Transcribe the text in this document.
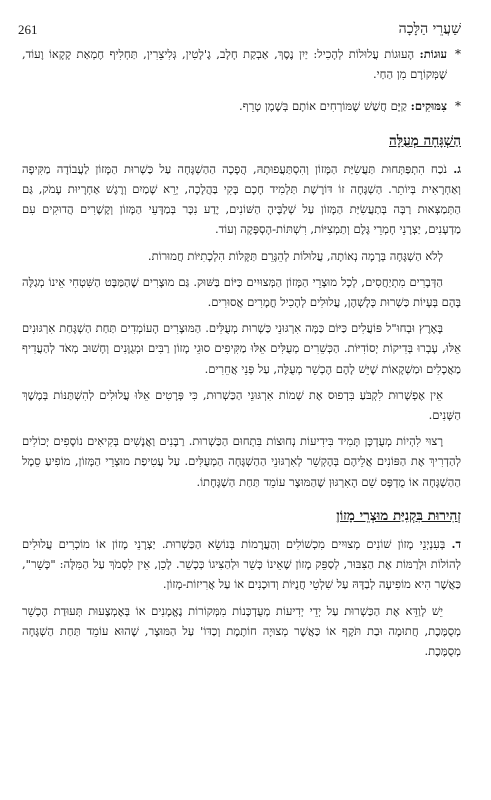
261	שַׁעֲרֵי הַלָּכָה
* עוּגוֹת: הָעוּגוֹת עֲלוּלוֹת לְהָכִיל: יַיִן נֶסֶךְ, אַבְקַת חָלָב, גֶ'לָטִין, גְּלִיצֵרִין, תַּחְלִיף חֶמְאַת קָקָאוֹ וָעוֹד, שֶׁמְּקוֹרָם מִן הַחַי.
* צִמּוּקִים: קַיָּם חֲשַׁשׁ שֶׁמּוֹרְחִים אוֹתָם בְּשֶׁמֶן טָרֵף.
הַשְׁגָּחָה מְעֻלָּה

ג. נֹכַח הִתְפַּתְּחוּת תַּעֲשִׂיַּת הַמָּזוֹן וְהִסְתַּעֲפוּתָהּ, הֲפָכָה הַהַשְׁגָּחָה עַל כַּשְׁרוּת הַמָּזוֹן לַעֲבוֹדָה מַקִּיפָה וְאַחְרָאִית בְּיוֹתֵר. הַשְׁגָּחָה זוֹ דּוֹרֶשֶׁת תַּלְמִיד חָכָם בָּקִי בַּהֲלָכָה, יְרֵא שָׁמַיִם וְרֶגֶשׁ אַחְרָיוּת עָמֹק, גַּם הַתְּמַצְּאוּת רַבָּה בְּתַעֲשִׂיַּת הַמָּזוֹן עַל שְׁלַבֶּיהָ הַשּׁוֹנִים, יֶדַע נִכָּר בְּמַדָּעֵי הַמָּזוֹן וְקֶשֶׁרִים הֲדוּקִים עִם מַדְעָנִים, יַצְרָנֵי חָמְרֵי גֶּלֶם וְתַמְצִיּוֹת, רִשְׁתּוֹת-הָסְפָּקָה וְעוֹד.

לְלֹא הַשְׁגָּחָה בְּרָמָה נְאוֹתָה, עֲלוּלוֹת לְהֵגָּרֵם תַּקָּלוֹת הִלְכָתִיּוֹת חֲמוּרוֹת.

הַדְּבָרִים מִתְיַחֲסִים, לְכָל מוּצְרֵי הַמָּזוֹן הַמְּצוּיִים כַּיּוֹם בַּשּׁוּק. גַּם מוּצָרִים שֶׁהַמַּבָּט הַשִּׁטְחִי אֵינוֹ מְגַלֶּה בָּהֶם בְּעָיוֹת כַּשְׁרוּת כְּלָשְׁהֶן, עֲלוּלִים לְהָכִיל חֳמָרִים אֲסוּרִים.

בָּאָרֶץ וּבְחוּ"ל פּוֹעֲלִים כַּיּוֹם כַּמָּה אִרְגּוּנֵי כַּשְׁרוּת מְעֻלִּים. הַמּוּצָרִים הָעוֹמְדִים תַּחַת הַשְׁגָּחַת אִרְגּוּנִים אֵלּוּ, עָבְרוּ בְּדִיקוֹת יְסוֹדִיּוֹת. הַכְּשֵׁרִים מְעֻלִּים אֵלּוּ מַקִּיפִים סוּגֵי מָזוֹן רַבִּים וּמְגֻוָּנִים וְחָשׁוּב מְאֹד לְהַעֲדִיף מַאֲכָלִים וּמַשְׁקָאוֹת שֶׁיֵּשׁ לָהֶם הֶכְשֵׁר מְעֻלֶּה, עַל פְּנֵי אֲחֵרִים.

אֵין אֶפְשָׁרוּת לִקְבֹּעַ בִּדְפוּס אֶת שְׁמוֹת אִרְגּוּנֵי הַכַּשְׁרוּת, כִּי פְּרָטִים אֵלּוּ עֲלוּלִים לְהִשְׁתַּנּוֹת בְּמֶשֶׁךְ הַשָּׁנִים.

רָצוּי לִהְיוֹת מְעֻדְכָּן תָּמִיד בִּידִיעוֹת נְחוּצוֹת בִּתְחוּם הַכַּשְׁרוּת. רַבָּנִים וַאֲנָשִׁים בְּקִיאִים נוֹסָפִים יְכוֹלִים לְהַדְרִיךְ אֶת הַפּוֹנִים אֲלֵיהֶם בְּהֶקְשֵׁר לְאִרְגּוּנֵי הַהַשְׁגָּחָה הַמְעֻלִּים. עַל עֲטִיפַת מוּצְרֵי הַמָּזוֹן, מוֹפִיעַ סֵמֶל הַהַשְׁגָּחָה אוֹ מֻדְפָּס שֵׁם הָאִרְגּוּן שֶׁהַמּוּצָר עוֹמֵד תַּחַת הַשְׁגָּחָתוֹ.

זְהִירוּת בִּקְנִיַּת מוּצְרֵי מָזוֹן

ד. בְּעִנְיְנֵי מָזוֹן שׁוֹנִים מְצוּיִים מִכְשׁוֹלִים וְהַעֲרָמוֹת בְּנוֹשֵׂא הַכַּשְׁרוּת. יַצְרָנֵי מָזוֹן אוֹ מוֹכְרִים עֲלוּלִים לְהוֹלוֹת וּלְרַמּוֹת אֶת הַצִּבּוּר, לְסַפֵּק מָזוֹן שֶׁאֵינוֹ כָּשֵׁר וּלְהַצִּיגוֹ כְּכָשֵׁר. לָכֵן, אֵין לִסְמֹךְ עַל הַמִּלָּה: "כָּשֵׁר", כַּאֲשֶׁר הִיא מוֹפִיעָה לְבַדָּהּ עַל שִׁלְטֵי חֲנֻיּוֹת וְדוּכָנִים אוֹ עַל אֲרִיזוֹת-מָזוֹן.

יֵשׁ לְוַדֵּא אֶת הַכַּשְׁרוּת עַל יְדֵי יְדִיעוֹת מְעֻדְכָּנוֹת מִמְּקוֹרוֹת נֶאֱמָנִים אוֹ בְּאֶמְצָעוּת תְּעוּדַת הֶכְשֵׁר מְסֻמֶּכֶת, חֲתוּמָה וּבַת תֹּקֶף אוֹ כַּאֲשֶׁר מְצוּיָה חוֹתֶמֶת וְכַדּוֹ' עַל הַמּוּצָר, שֶׁהוּא עוֹמֵד תַּחַת הַשְׁגָּחָה מְסֻמֶּכֶת.
